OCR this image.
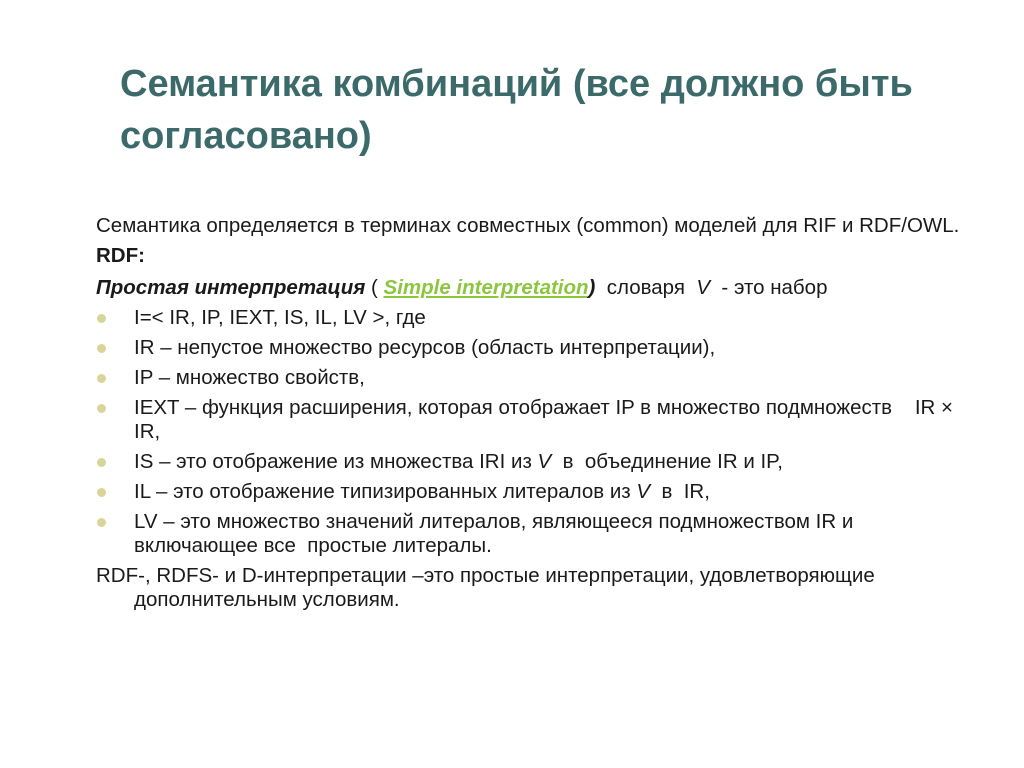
Семантика комбинаций (все должно быть согласовано)

Семантика определяется в терминах совместных (common) моделей для RIF и RDF/OWL.

RDF:

Простая интерпретация ( Simple interpretation)  словаря  V  - это набор

I=< IR, IP, IEXT, IS, IL, LV >, где
IR – непустое множество ресурсов (область интерпретации),
IP – множество свойств,
IEXT – функция расширения, которая отображает IP в множество подмножеств    IR × IR,
IS – это отображение из множества IRI из V  в  объединение IR и IP,
IL – это отображение типизированных литералов из V  в  IR,
LV – это множество значений литералов, являющееся подмножеством IR и включающее все  простые литералы.

RDF-, RDFS- и D-интерпретации –это простые интерпретации, удовлетворяющие  дополнительным условиям.
